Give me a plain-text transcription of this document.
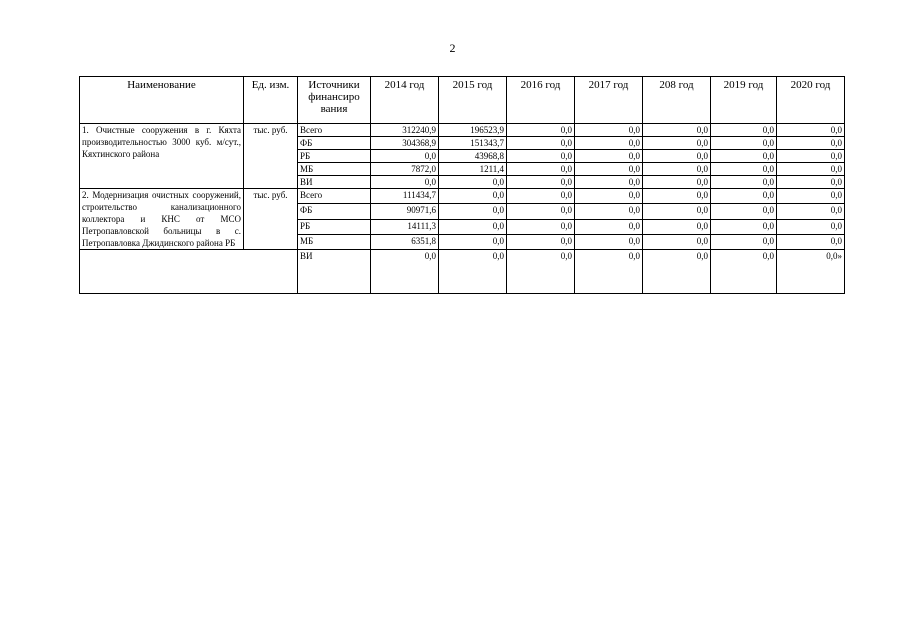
2
Наименование	Ед. изм.	Источники финансиро вания	2014 год	2015 год	2016 год	2017 год	208 год	2019 год	2020 год
1. Очистные сооружения в г. Кяхта производительностью 3000 куб. м/сут., Кяхтинского района	тыс. руб.	Всего	312240,9	196523,9	0,0	0,0	0,0	0,0	0,0
		ФБ	304368,9	151343,7	0,0	0,0	0,0	0,0	0,0
		РБ	0,0	43968,8	0,0	0,0	0,0	0,0	0,0
		МБ	7872,0	1211,4	0,0	0,0	0,0	0,0	0,0
		ВИ	0,0	0,0	0,0	0,0	0,0	0,0	0,0
2. Модернизация очистных сооружений, строительство канализационного коллектора и КНС от МСО Петропавловской больницы в с. Петропавловка Джидинского района РБ	тыс. руб.	Всего	111434,7	0,0	0,0	0,0	0,0	0,0	0,0
		ФБ	90971,6	0,0	0,0	0,0	0,0	0,0	0,0
		РБ	14111,3	0,0	0,0	0,0	0,0	0,0	0,0
		МБ	6351,8	0,0	0,0	0,0	0,0	0,0	0,0
		ВИ	0,0	0,0	0,0	0,0	0,0	0,0	0,0»
